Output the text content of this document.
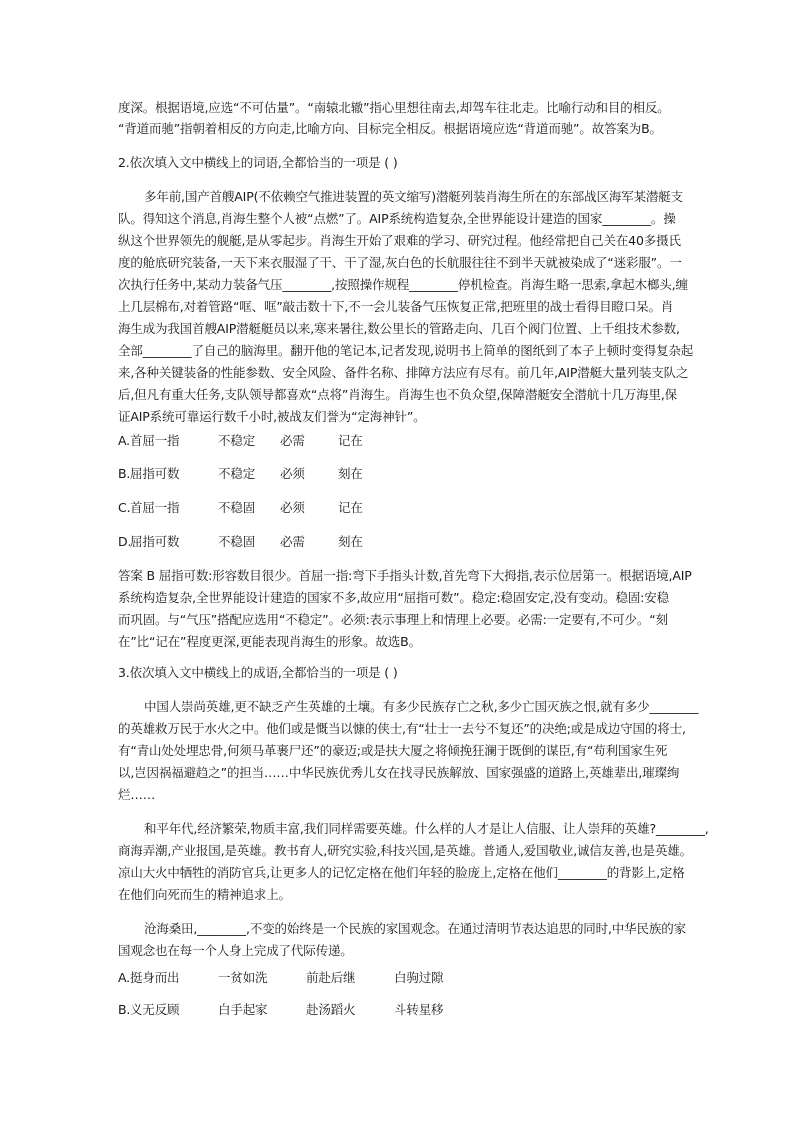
度深。根据语境,应选“不可估量”。“南辕北辙”指心里想往南去,却驾车往北走。比喻行动和目的相反。
“背道而驰”指朝着相反的方向走,比喻方向、目标完全相反。根据语境应选“背道而驰”。故答案为B。
2.依次填入文中横线上的词语,全都恰当的一项是 ( )
多年前,国产首艘AIP(不依赖空气推进装置的英文缩写)潜艇列装肖海生所在的东部战区海军某潜艇支
队。得知这个消息,肖海生整个人被“点燃”了。AIP系统构造复杂,全世界能设计建造的国家________。操
纵这个世界领先的舰艇,是从零起步。肖海生开始了艰难的学习、研究过程。他经常把自己关在40多摄氏
度的舱底研究装备,一天下来衣服湿了干、干了湿,灰白色的长航服往往不到半天就被染成了“迷彩服”。一
次执行任务中,某动力装备气压________,按照操作规程________停机检查。肖海生略一思索,拿起木榔头,缠
上几层棉布,对着管路“哐、哐”敲击数十下,不一会儿装备气压恢复正常,把班里的战士看得目瞪口呆。肖
海生成为我国首艘AIP潜艇艇员以来,寒来暑往,数公里长的管路走向、几百个阀门位置、上千组技术参数,
全部________了自己的脑海里。翻开他的笔记本,记者发现,说明书上简单的图纸到了本子上顿时变得复杂起
来,各种关键装备的性能参数、安全风险、备件名称、排障方法应有尽有。前几年,AIP潜艇大量列装支队之
后,但凡有重大任务,支队领导都喜欢“点将”肖海生。肖海生也不负众望,保障潜艇安全潜航十几万海里,保
证AIP系统可靠运行数千小时,被战友们誉为“定海神针”。
A.首屈一指	不稳定 必需	记在
B.屈指可数	不稳定 必须	刻在
C.首屈一指	不稳固 必须	记在
D.屈指可数	不稳固 必需	刻在
答案 B 屈指可数:形容数目很少。首屈一指:弯下手指头计数,首先弯下大拇指,表示位居第一。根据语境,AIP
系统构造复杂,全世界能设计建造的国家不多,故应用“屈指可数”。稳定:稳固安定,没有变动。稳固:安稳
而巩固。与“气压”搭配应选用“不稳定”。必须:表示事理上和情理上必要。必需:一定要有,不可少。“刻
在”比“记在”程度更深,更能表现肖海生的形象。故选B。
3.依次填入文中横线上的成语,全都恰当的一项是 ( )
中国人崇尚英雄,更不缺乏产生英雄的土壤。有多少民族存亡之秋,多少亡国灭族之恨,就有多少________
的英雄救万民于水火之中。他们或是慨当以慷的侠士,有“壮士一去兮不复还”的决绝;或是成边守国的将士,
有“青山处处埋忠骨,何须马革裹尸还”的豪迈;或是扶大厦之将倾挽狂澜于既倒的谋臣,有“苟利国家生死
以,岂因祸福避趋之”的担当……中华民族优秀儿女在找寻民族解放、国家强盛的道路上,英雄辈出,璀璨绚
烂……
和平年代,经济繁荣,物质丰富,我们同样需要英雄。什么样的人才是让人信服、让人崇拜的英雄?________,
商海弄潮,产业报国,是英雄。教书育人,研究实验,科技兴国,是英雄。普通人,爱国敬业,诚信友善,也是英雄。
凉山大火中牺牲的消防官兵,让更多人的记忆定格在他们年轻的脸庞上,定格在他们________的背影上,定格
在他们向死而生的精神追求上。
沧海桑田,________,不变的始终是一个民族的家国观念。在通过清明节表达追思的同时,中华民族的家
国观念也在每一个人身上完成了代际传递。
A.挺身而出	一贫如洗	前赴后继	白驹过隙
B.义无反顾	白手起家	赴汤蹈火	斗转星移
